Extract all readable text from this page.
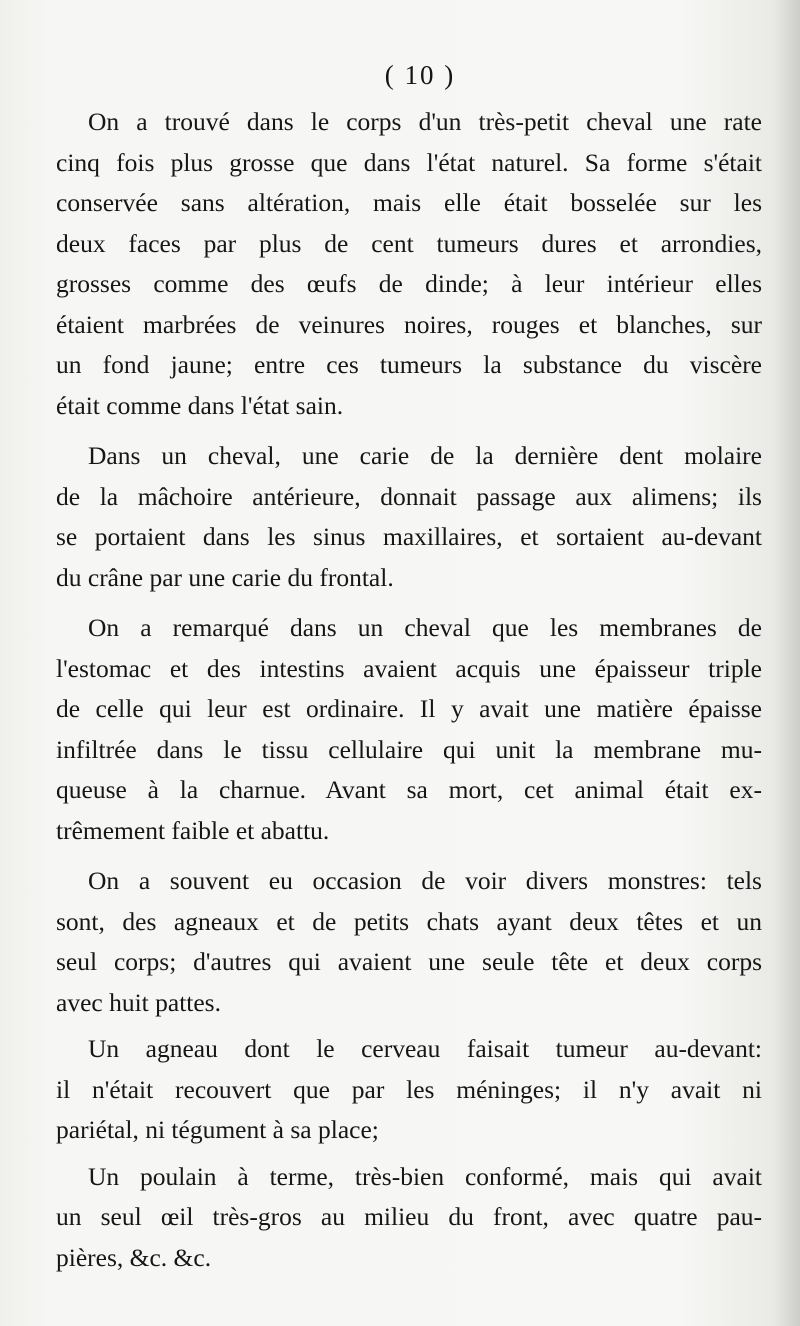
( 10 )

On a trouvé dans le corps d'un très-petit cheval une rate
cinq fois plus grosse que dans l'état naturel. Sa forme s'était
conservée sans altération, mais elle était bosselée sur les
deux faces par plus de cent tumeurs dures et arrondies,
grosses comme des œufs de dinde; à leur intérieur elles
étaient marbrées de veinures noires, rouges et blanches, sur
un fond jaune; entre ces tumeurs la substance du viscère
était comme dans l'état sain.

Dans un cheval, une carie de la dernière dent molaire
de la mâchoire antérieure, donnait passage aux alimens; ils
se portaient dans les sinus maxillaires, et sortaient au-devant
du crâne par une carie du frontal.

On a remarqué dans un cheval que les membranes de
l'estomac et des intestins avaient acquis une épaisseur triple
de celle qui leur est ordinaire. Il y avait une matière épaisse
infiltrée dans le tissu cellulaire qui unit la membrane mu-
queuse à la charnue. Avant sa mort, cet animal était ex-
trêmement faible et abattu.

On a souvent eu occasion de voir divers monstres: tels
sont, des agneaux et de petits chats ayant deux têtes et un
seul corps; d'autres qui avaient une seule tête et deux corps
avec huit pattes.

Un agneau dont le cerveau faisait tumeur au-devant:
il n'était recouvert que par les méninges; il n'y avait ni
pariétal, ni tégument à sa place;

Un poulain à terme, très-bien conformé, mais qui avait
un seul œil très-gros au milieu du front, avec quatre pau-
pières, &c. &c.
